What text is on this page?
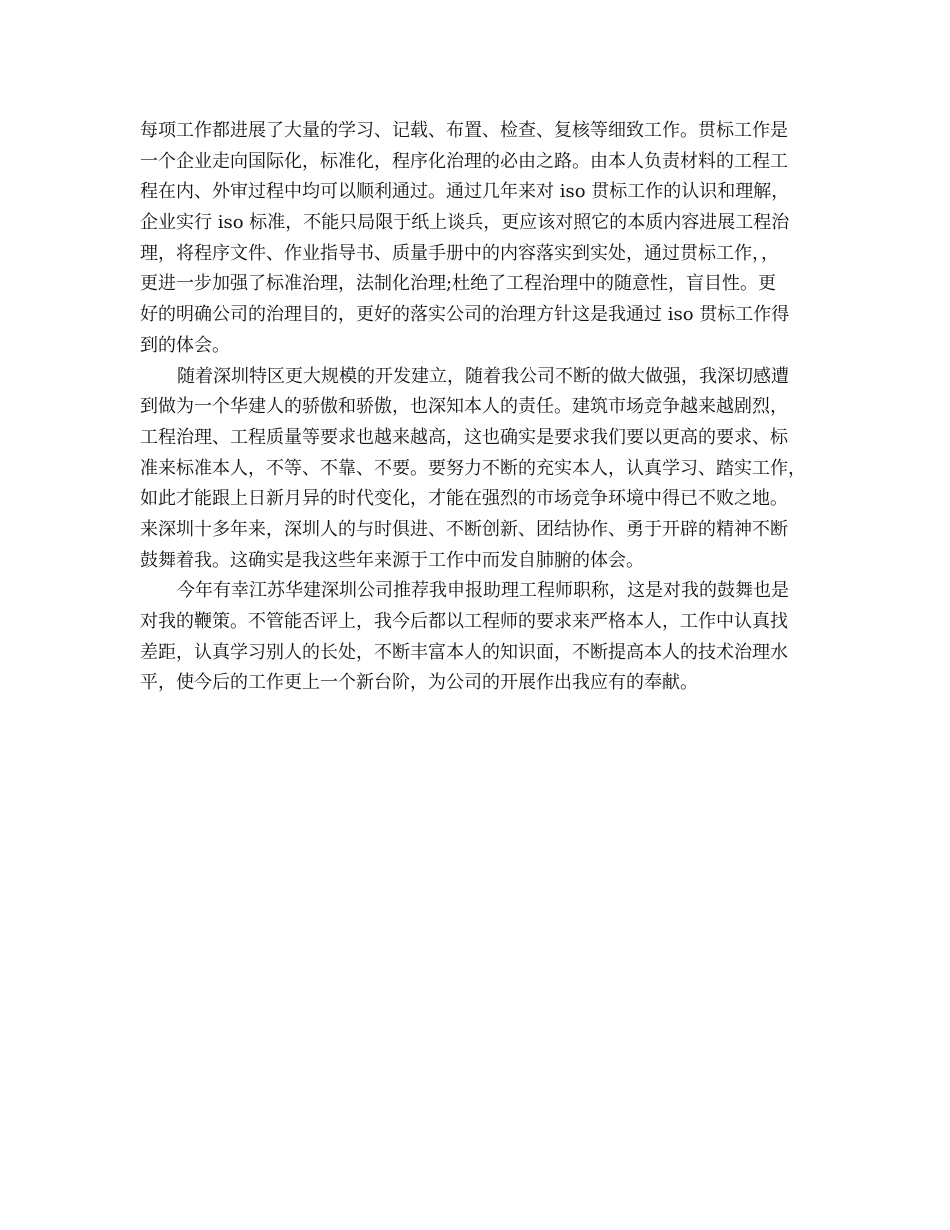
每项工作都进展了大量的学习、记载、布置、检查、复核等细致工作。贯标工作是
一个企业走向国际化，标准化，程序化治理的必由之路。由本人负责材料的工程工
程在内、外审过程中均可以顺利通过。通过几年来对 iso 贯标工作的认识和理解，
企业实行 iso 标准，不能只局限于纸上谈兵，更应该对照它的本质内容进展工程治
理，将程序文件、作业指导书、质量手册中的内容落实到实处，通过贯标工作，，
更进一步加强了标准治理，法制化治理;杜绝了工程治理中的随意性，盲目性。更
好的明确公司的治理目的，更好的落实公司的治理方针这是我通过 iso 贯标工作得
到的体会。
随着深圳特区更大规模的开发建立，随着我公司不断的做大做强，我深切感遭
到做为一个华建人的骄傲和骄傲，也深知本人的责任。建筑市场竞争越来越剧烈，
工程治理、工程质量等要求也越来越高，这也确实是要求我们要以更高的要求、标
准来标准本人，不等、不靠、不要。要努力不断的充实本人，认真学习、踏实工作，
如此才能跟上日新月异的时代变化，才能在强烈的市场竞争环境中得已不败之地。
来深圳十多年来，深圳人的与时俱进、不断创新、团结协作、勇于开辟的精神不断
鼓舞着我。这确实是我这些年来源于工作中而发自肺腑的体会。
今年有幸江苏华建深圳公司推荐我申报助理工程师职称，这是对我的鼓舞也是
对我的鞭策。不管能否评上，我今后都以工程师的要求来严格本人，工作中认真找
差距，认真学习别人的长处，不断丰富本人的知识面，不断提高本人的技术治理水
平，使今后的工作更上一个新台阶，为公司的开展作出我应有的奉献。
